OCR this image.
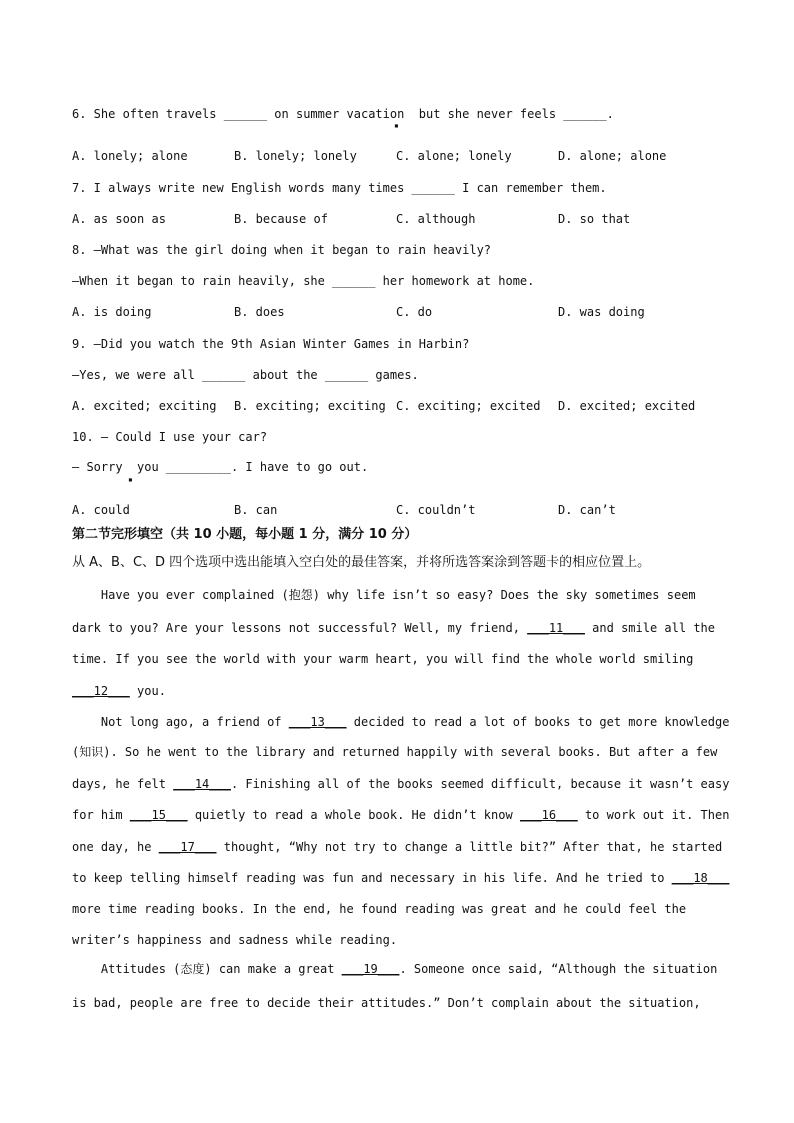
6. She often travels ______ on summer vacation  but she never feels ______.
▪
A. lonely; alone	B. lonely; lonely	C. alone; lonely	D. alone; alone
7. I always write new English words many times ______ I can remember them.
A. as soon as	B. because of	C. although	D. so that
8. —What was the girl doing when it began to rain heavily?
—When it began to rain heavily, she ______ her homework at home.
A. is doing	B. does	C. do	D. was doing
9. —Did you watch the 9th Asian Winter Games in Harbin?
—Yes, we were all ______ about the ______ games.
A. excited; exciting B. exciting; exciting C. exciting; excited D. excited; excited
10. — Could I use your car?
— Sorry  you _________. I have to go out.
▪
A. could	B. can	C. couldn’t	D. can’t
第二节完形填空（共 10 小题，每小题 1 分，满分 10 分）
从 A、B、C、D 四个选项中选出能填入空白处的最佳答案，并将所选答案涂到答题卡的相应位置上。
Have you ever complained (抱怨) why life isn’t so easy? Does the sky sometimes seem
dark to you? Are your lessons not successful? Well, my friend, ___11___ and smile all the
time. If you see the world with your warm heart, you will find the whole world smiling
___12___ you.
Not long ago, a friend of ___13___ decided to read a lot of books to get more knowledge
(知识). So he went to the library and returned happily with several books. But after a few
days, he felt ___14___. Finishing all of the books seemed difficult, because it wasn’t easy
for him ___15___ quietly to read a whole book. He didn’t know ___16___ to work out it. Then
one day, he ___17___ thought, “Why not try to change a little bit?” After that, he started
to keep telling himself reading was fun and necessary in his life. And he tried to ___18___
more time reading books. In the end, he found reading was great and he could feel the
writer’s happiness and sadness while reading.
Attitudes (态度) can make a great ___19___. Someone once said, “Although the situation
is bad, people are free to decide their attitudes.” Don’t complain about the situation,
